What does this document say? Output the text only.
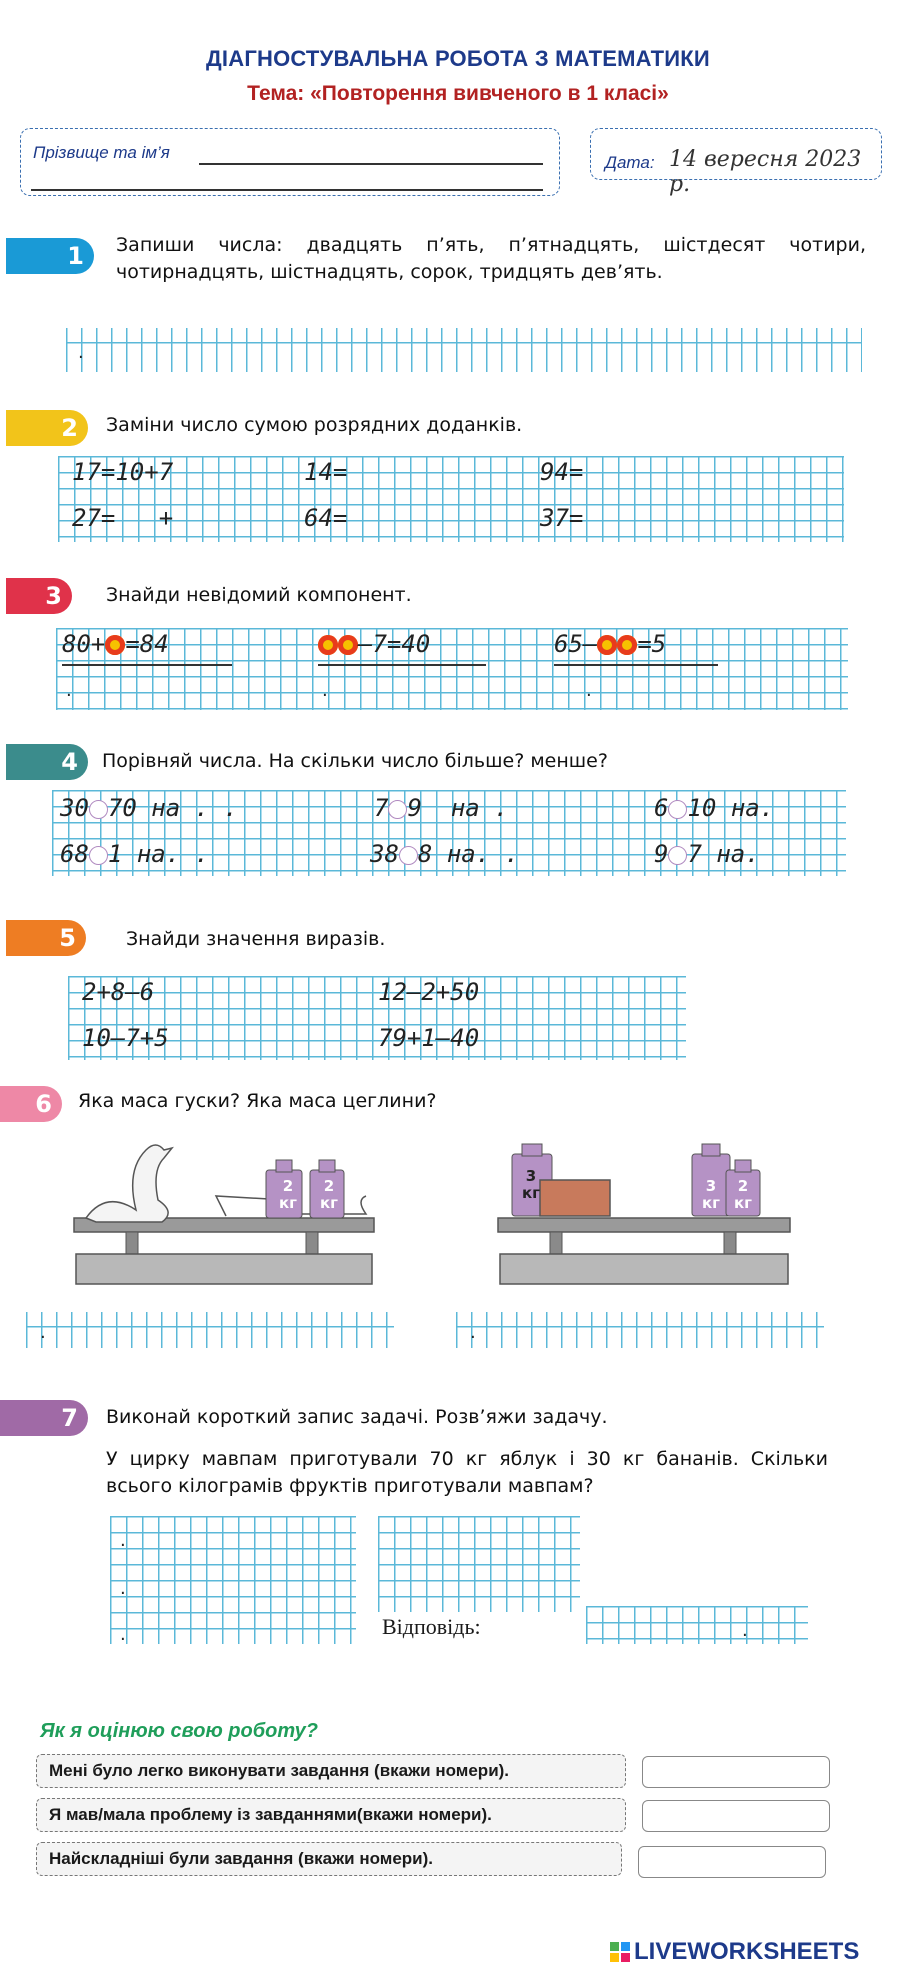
ДІАГНОСТУВАЛЬНА РОБОТА З МАТЕМАТИКИ
Тема: «Повторення вивченого в 1 класі»
Прізвище та ім’я
Дата: 14 вересня 2023 р.
1 Запиши числа: двадцять п’ять, п’ятнадцять, шістдесят чотири, чотирнадцять, шістнадцять, сорок, тридцять дев’ять.
.
2 Заміни число сумою розрядних доданків.
17=10+7	14=	94=
27=   +	64=	37=
3 Знайди невідомий компонент.
80+ =84	–7=40	65– =5
.	.	.
4 Порівняй числа. На скільки число більше? менше?
30 70 на . .	7 9 на .	6 10 на.
68 1 на. .	38 8 на. .	9 7 на.
5	Знайди значення виразів.
2+8–6	12–2+50
10–7+5	79+1–40
6 Яка маса гуски? Яка маса цеглини?
2
кг
2
кг
3
кг	3
кг
2
кг
.	.
7 Виконай короткий запис задачі. Розв’яжи задачу.
У цирку мавпам приготували 70 кг яблук і 30 кг бананів. Скільки всього кілограмів фруктів приготували мавпам?
.
.
.	.
Відповідь:
Як я оцінюю свою роботу?
Мені було легко виконувати завдання (вкажи номери).
Я мав/мала проблему із завданнями(вкажи номери).
Найскладніші були завдання (вкажи номери).
LIVEWORKSHEETS
